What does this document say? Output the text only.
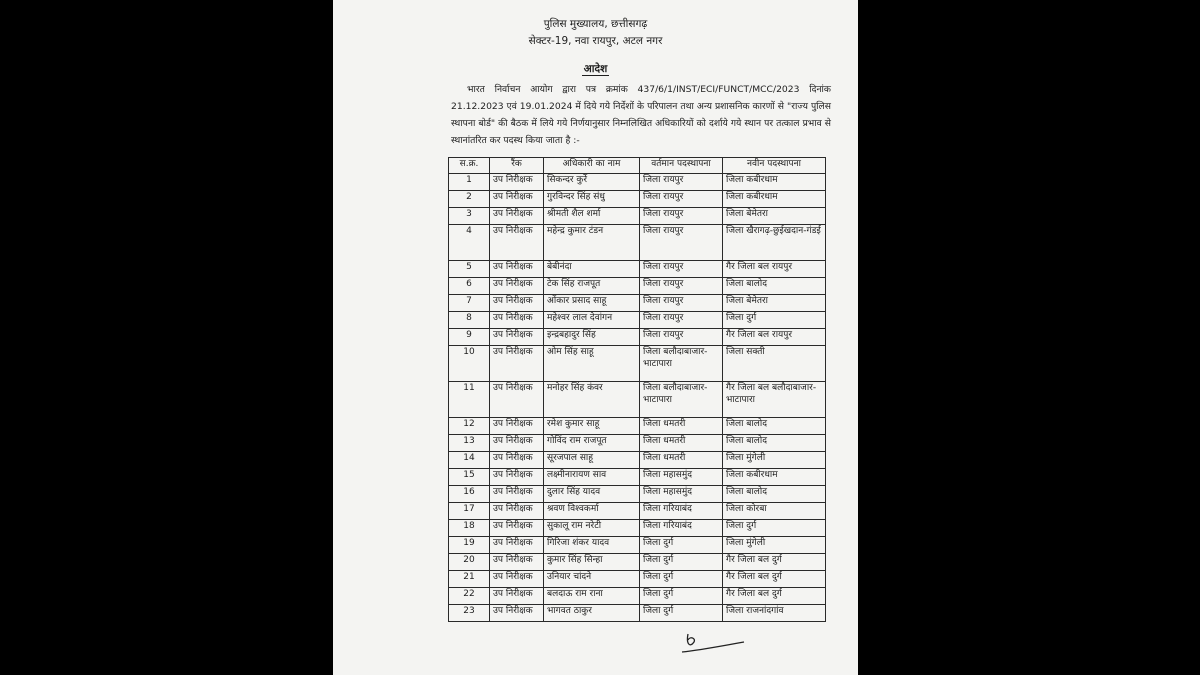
पुलिस मुख्यालय, छत्तीसगढ़
सेक्टर-19, नवा रायपुर, अटल नगर
आदेश
भारत निर्वाचन आयोग द्वारा पत्र क्रमांक 437/6/1/INST/ECI/FUNCT/MCC/2023 दिनांक 21.12.2023 एवं 19.01.2024 में दिये गये निर्देशों के परिपालन तथा अन्य प्रशासनिक कारणों से "राज्य पुलिस स्थापना बोर्ड" की बैठक में लिये गये निर्णयानुसार निम्नलिखित अधिकारियों को दर्शाये गये स्थान पर तत्काल प्रभाव से स्थानांतरित कर पदस्थ किया जाता है :-
स.क्र.	रैंक	अधिकारी का नाम	वर्तमान पदस्थापना	नवीन पदस्थापना
1	उप निरीक्षक	सिकन्दर कुर्रे	जिला रायपुर	जिला कबीरधाम
2	उप निरीक्षक	गुरविन्दर सिंह संधु	जिला रायपुर	जिला कबीरधाम
3	उप निरीक्षक	श्रीमती शैल शर्मा	जिला रायपुर	जिला बेमेतरा
4	उप निरीक्षक	महेन्द्र कुमार टंडन	जिला रायपुर	जिला खैरागढ़-छुईखदान-गंडई
5	उप निरीक्षक	बेबीनंदा	जिला रायपुर	गैर जिला बल रायपुर
6	उप निरीक्षक	टेक सिंह राजपूत	जिला रायपुर	जिला बालोद
7	उप निरीक्षक	ओंकार प्रसाद साहू	जिला रायपुर	जिला बेमेतरा
8	उप निरीक्षक	महेश्वर लाल देवांगन	जिला रायपुर	जिला दुर्ग
9	उप निरीक्षक	इन्द्रबहादुर सिंह	जिला रायपुर	गैर जिला बल रायपुर
10	उप निरीक्षक	ओम सिंह साहू	जिला बलौदाबाजार-भाटापारा	जिला सक्ती
11	उप निरीक्षक	मनोहर सिंह कंवर	जिला बलौदाबाजार-भाटापारा	गैर जिला बल बलौदाबाजार- भाटापारा
12	उप निरीक्षक	रमेश कुमार साहू	जिला धमतरी	जिला बालोद
13	उप निरीक्षक	गोविंद राम राजपूत	जिला धमतरी	जिला बालोद
14	उप निरीक्षक	सूरजपाल साहू	जिला धमतरी	जिला मुंगेली
15	उप निरीक्षक	लक्ष्मीनारायण साव	जिला महासमुंद	जिला कबीरधाम
16	उप निरीक्षक	दुलार सिंह यादव	जिला महासमुंद	जिला बालोद
17	उप निरीक्षक	श्रवण विश्वकर्मा	जिला गरियाबंद	जिला कोरबा
18	उप निरीक्षक	सुकालू राम नरेटी	जिला गरियाबंद	जिला दुर्ग
19	उप निरीक्षक	गिरिजा शंकर यादव	जिला दुर्ग	जिला मुंगेली
20	उप निरीक्षक	कुमार सिंह सिन्हा	जिला दुर्ग	गैर जिला बल दुर्ग
21	उप निरीक्षक	उनियार चांदने	जिला दुर्ग	गैर जिला बल दुर्ग
22	उप निरीक्षक	बलदाऊ राम राना	जिला दुर्ग	गैर जिला बल दुर्ग
23	उप निरीक्षक	भागवत ठाकुर	जिला दुर्ग	जिला राजनांदगांव
